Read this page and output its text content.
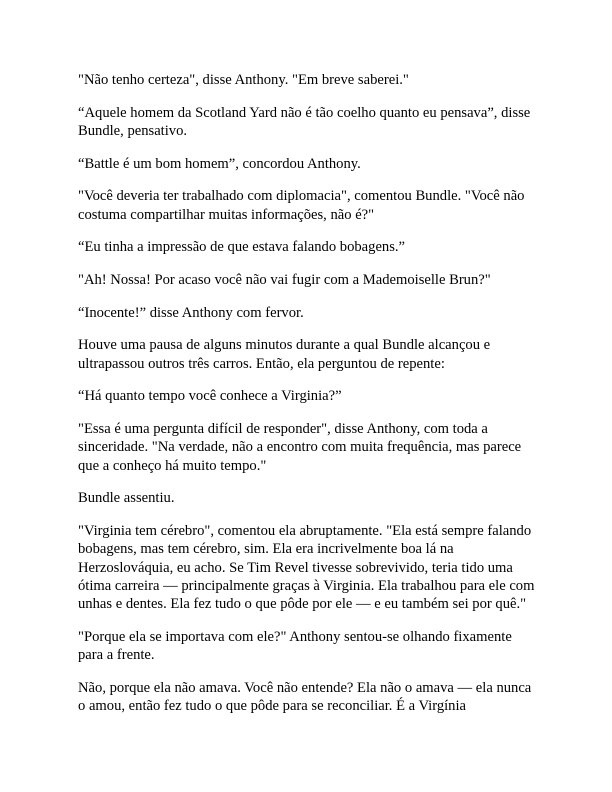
"Não tenho certeza", disse Anthony. "Em breve saberei."

“Aquele homem da Scotland Yard não é tão coelho quanto eu pensava”, disse Bundle, pensativo.

“Battle é um bom homem”, concordou Anthony.

"Você deveria ter trabalhado com diplomacia", comentou Bundle. "Você não costuma compartilhar muitas informações, não é?"

“Eu tinha a impressão de que estava falando bobagens.”

"Ah! Nossa! Por acaso você não vai fugir com a Mademoiselle Brun?"

“Inocente!” disse Anthony com fervor.

Houve uma pausa de alguns minutos durante a qual Bundle alcançou e ultrapassou outros três carros. Então, ela perguntou de repente:

“Há quanto tempo você conhece a Virginia?”

"Essa é uma pergunta difícil de responder", disse Anthony, com toda a sinceridade. "Na verdade, não a encontro com muita frequência, mas parece que a conheço há muito tempo."

Bundle assentiu.

"Virginia tem cérebro", comentou ela abruptamente. "Ela está sempre falando bobagens, mas tem cérebro, sim. Ela era incrivelmente boa lá na Herzoslováquia, eu acho. Se Tim Revel tivesse sobrevivido, teria tido uma ótima carreira — principalmente graças à Virginia. Ela trabalhou para ele com unhas e dentes. Ela fez tudo o que pôde por ele — e eu também sei por quê."

"Porque ela se importava com ele?" Anthony sentou-se olhando fixamente para a frente.

Não, porque ela não amava. Você não entende? Ela não o amava — ela nunca o amou, então fez tudo o que pôde para se reconciliar. É a Virgínia
